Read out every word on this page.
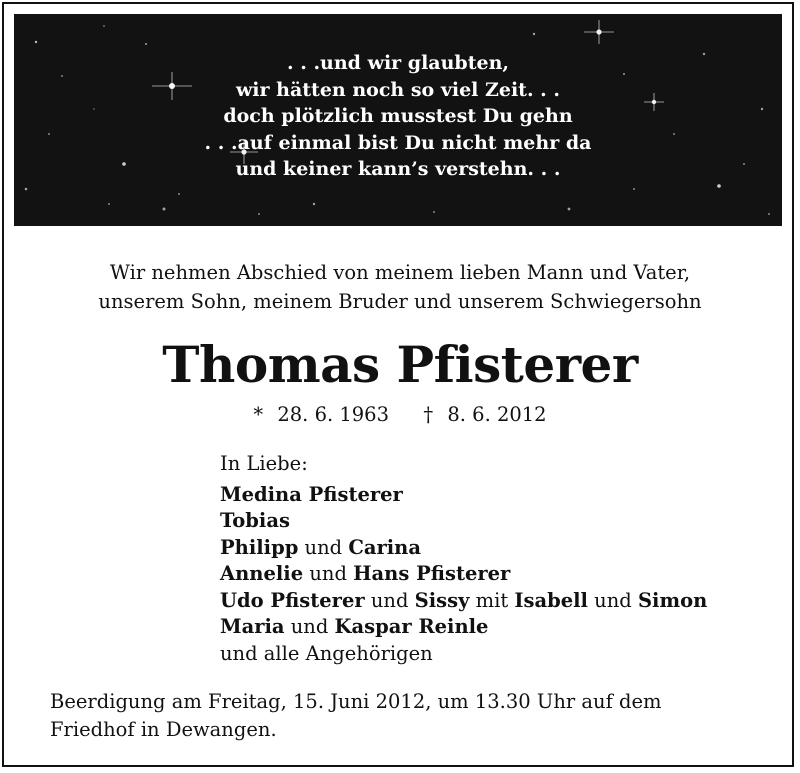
. . .und wir glaubten,
wir hätten noch so viel Zeit. . .
doch plötzlich musstest Du gehn
. . .auf einmal bist Du nicht mehr da
und keiner kann’s verstehn. . .
Wir nehmen Abschied von meinem lieben Mann und Vater,
unserem Sohn, meinem Bruder und unserem Schwiegersohn
Thomas Pfisterer
* 28. 6. 1963 † 8. 6. 2012
In Liebe:
Medina Pfisterer
Tobias
Philipp und Carina
Annelie und Hans Pfisterer
Udo Pfisterer und Sissy mit Isabell und Simon
Maria und Kaspar Reinle
und alle Angehörigen
Beerdigung am Freitag, 15. Juni 2012, um 13.30 Uhr auf dem
Friedhof in Dewangen.
